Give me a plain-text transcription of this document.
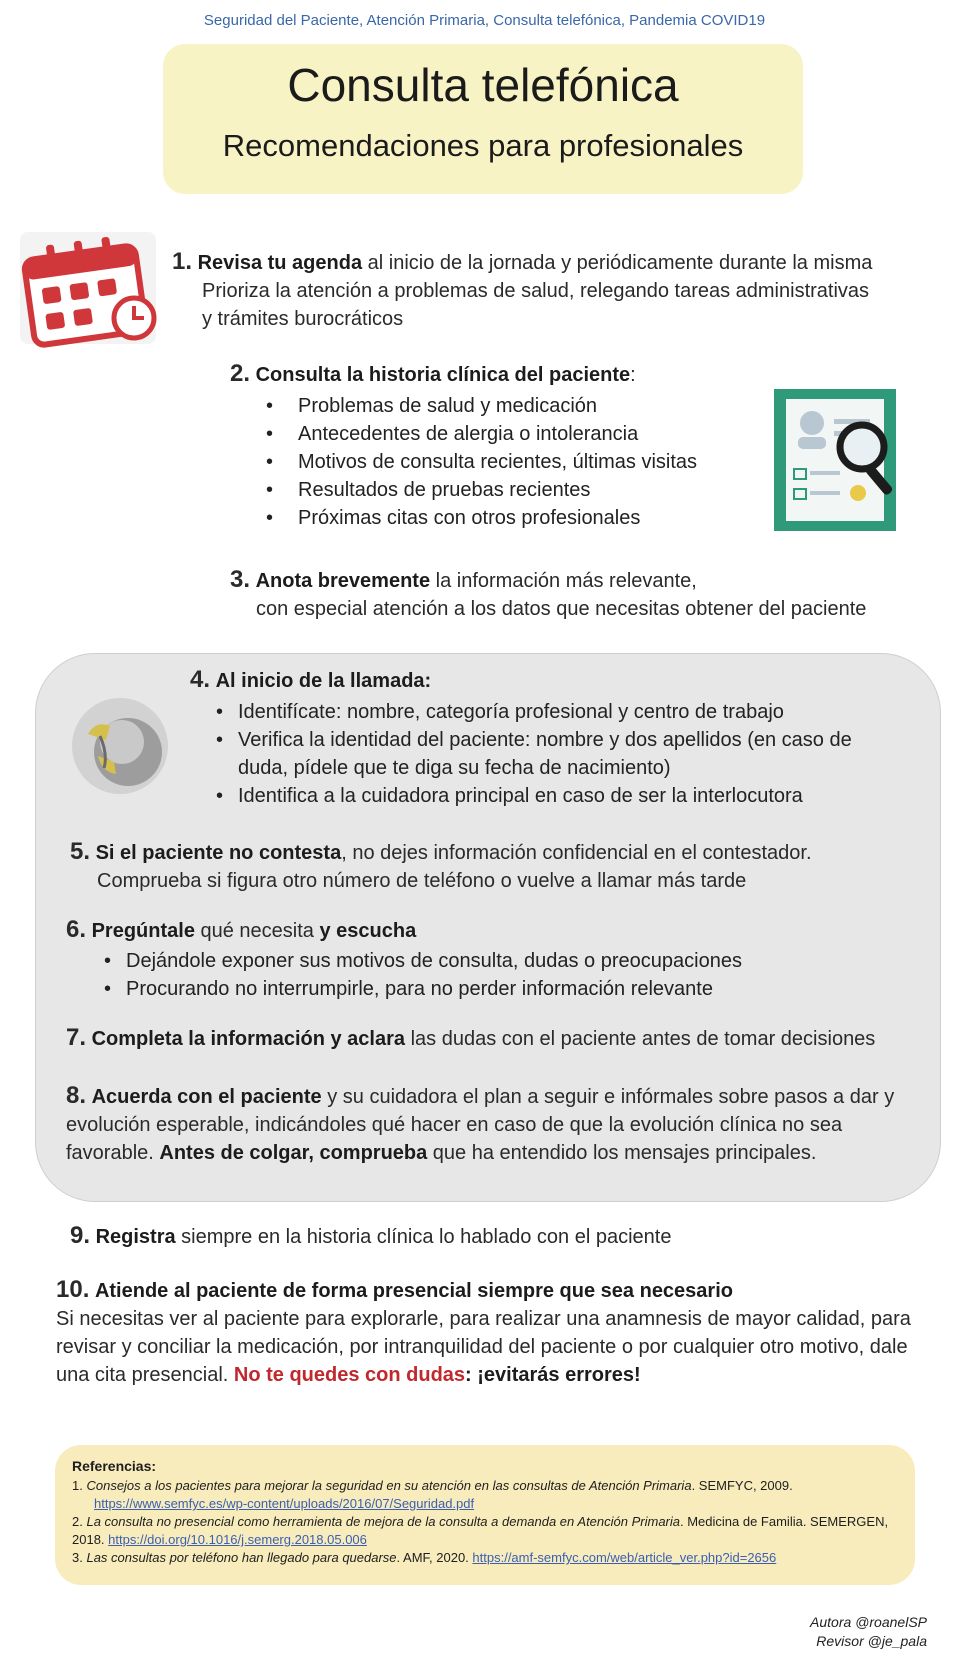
Seguridad del Paciente, Atención Primaria, Consulta telefónica, Pandemia COVID19
Consulta telefónica
Recomendaciones para profesionales
1. Revisa tu agenda al inicio de la jornada y periódicamente durante la misma
Prioriza la atención a problemas de salud, relegando tareas administrativas
y trámites burocráticos
2. Consulta la historia clínica del paciente:
• Problemas de salud y medicación
• Antecedentes de alergia o intolerancia
• Motivos de consulta recientes, últimas visitas
• Resultados de pruebas recientes
• Próximas citas con otros profesionales
3. Anota brevemente la información más relevante,
con especial atención a los datos que necesitas obtener del paciente
4. Al inicio de la llamada:
• Identifícate: nombre, categoría profesional y centro de trabajo
• Verifica la identidad del paciente: nombre y dos apellidos (en caso de duda, pídele que te diga su fecha de nacimiento)
• Identifica a la cuidadora principal en caso de ser la interlocutora
5. Si el paciente no contesta, no dejes información confidencial en el contestador.
Comprueba si figura otro número de teléfono o vuelve a llamar más tarde
6. Pregúntale qué necesita y escucha
• Dejándole exponer sus motivos de consulta, dudas o preocupaciones
• Procurando no interrumpirle, para no perder información relevante
7. Completa la información y aclara las dudas con el paciente antes de tomar decisiones
8. Acuerda con el paciente y su cuidadora el plan a seguir e infórmales sobre pasos a dar y evolución esperable, indicándoles qué hacer en caso de que la evolución clínica no sea favorable. Antes de colgar, comprueba que ha entendido los mensajes principales.
9. Registra siempre en la historia clínica lo hablado con el paciente
10. Atiende al paciente de forma presencial siempre que sea necesario
Si necesitas ver al paciente para explorarle, para realizar una anamnesis de mayor calidad, para revisar y conciliar la medicación, por intranquilidad del paciente o por cualquier otro motivo, dale una cita presencial. No te quedes con dudas: ¡evitarás errores!
Referencias:
1. Consejos a los pacientes para mejorar la seguridad en su atención en las consultas de Atención Primaria. SEMFYC, 2009.
https://www.semfyc.es/wp-content/uploads/2016/07/Seguridad.pdf
2. La consulta no presencial como herramienta de mejora de la consulta a demanda en Atención Primaria. Medicina de Familia. SEMERGEN, 2018. https://doi.org/10.1016/j.semerg.2018.05.006
3. Las consultas por teléfono han llegado para quedarse. AMF, 2020. https://amf-semfyc.com/web/article_ver.php?id=2656
Autora @roanelSP
Revisor @je_pala
